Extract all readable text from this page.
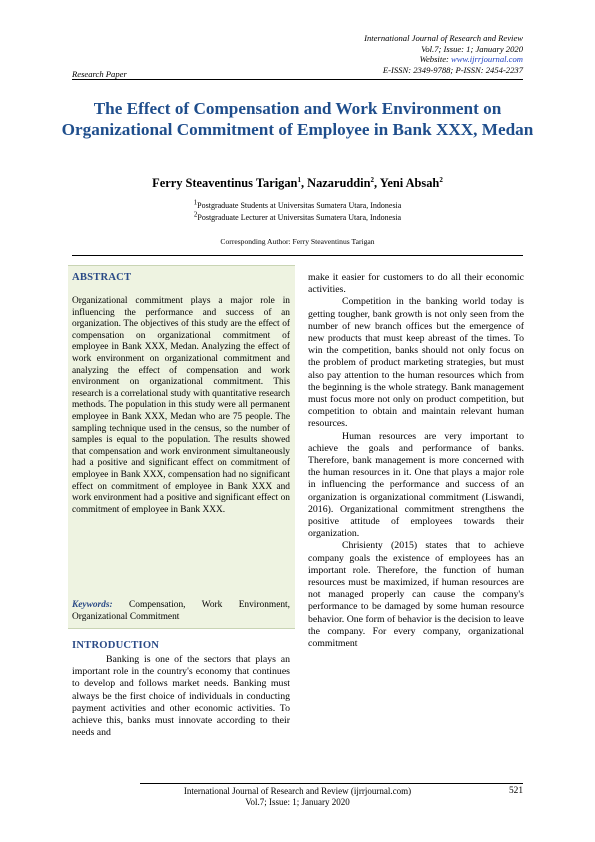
International Journal of Research and Review
Vol.7; Issue: 1; January 2020
Website: www.ijrrjournal.com
E-ISSN: 2349-9788; P-ISSN: 2454-2237
Research Paper
The Effect of Compensation and Work Environment on Organizational Commitment of Employee in Bank XXX, Medan
Ferry Steaventinus Tarigan$^1$, Nazaruddin$^2$, Yeni Absah$^2$
$^1$Postgraduate Students at Universitas Sumatera Utara, Indonesia
$^2$Postgraduate Lecturer at Universitas Sumatera Utara, Indonesia
Corresponding Author: Ferry Steaventinus Tarigan
ABSTRACT

Organizational commitment plays a major role in influencing the performance and success of an organization. The objectives of this study are the effect of compensation on organizational commitment of employee in Bank XXX, Medan. Analyzing the effect of work environment on organizational commitment and analyzing the effect of compensation and work environment on organizational commitment. This research is a correlational study with quantitative research methods. The population in this study were all permanent employee in Bank XXX, Medan who are 75 people. The sampling technique used in the census, so the number of samples is equal to the population. The results showed that compensation and work environment simultaneously had a positive and significant effect on commitment of employee in Bank XXX, compensation had no significant effect on commitment of employee in Bank XXX and work environment had a positive and significant effect on commitment of employee in Bank XXX.

Keywords: Compensation, Work Environment, Organizational Commitment
INTRODUCTION

Banking is one of the sectors that plays an important role in the country's economy that continues to develop and follows market needs. Banking must always be the first choice of individuals in conducting payment activities and other economic activities. To achieve this, banks must innovate according to their needs and

make it easier for customers to do all their economic activities.

Competition in the banking world today is getting tougher, bank growth is not only seen from the number of new branch offices but the emergence of new products that must keep abreast of the times. To win the competition, banks should not only focus on the problem of product marketing strategies, but must also pay attention to the human resources which from the beginning is the whole strategy. Bank management must focus more not only on product competition, but competition to obtain and maintain relevant human resources.

Human resources are very important to achieve the goals and performance of banks. Therefore, bank management is more concerned with the human resources in it. One that plays a major role in influencing the performance and success of an organization is organizational commitment (Liswandi, 2016). Organizational commitment strengthens the positive attitude of employees towards their organization.

Chrisienty (2015) states that to achieve company goals the existence of employees has an important role. Therefore, the function of human resources must be maximized, if human resources are not managed properly can cause the company's performance to be damaged by some human resource behavior. One form of behavior is the decision to leave the company. For every company, organizational commitment

International Journal of Research and Review (ijrrjournal.com)
Vol.7; Issue: 1; January 2020
521
